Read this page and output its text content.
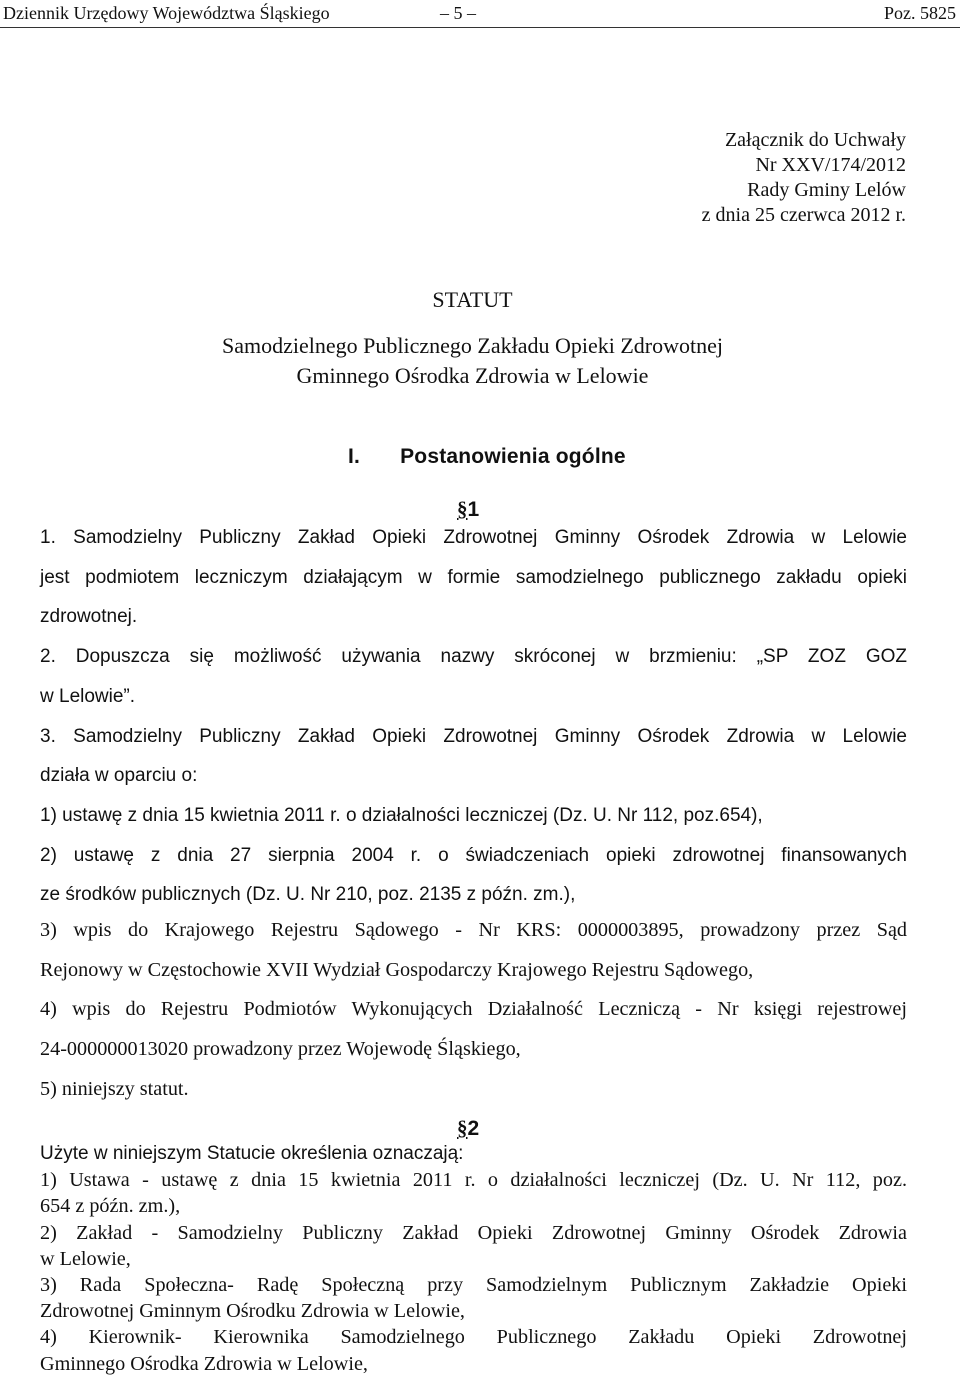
Dziennik Urzędowy Województwa Śląskiego	– 5 –	Poz. 5825
Załącznik do Uchwały
Nr XXV/174/2012
Rady Gminy Lelów
z dnia 25 czerwca 2012 r.
STATUT
Samodzielnego Publicznego Zakładu Opieki Zdrowotnej
Gminnego Ośrodka Zdrowia w Lelowie
I. Postanowienia ogólne
§1
1. Samodzielny Publiczny Zakład Opieki Zdrowotnej Gminny Ośrodek Zdrowia w Lelowie
jest podmiotem leczniczym działającym w formie samodzielnego publicznego zakładu opieki

zdrowotnej.

2. Dopuszcza się możliwość używania nazwy skróconej w brzmieniu: „SP ZOZ GOZ

w Lelowie”.

3. Samodzielny Publiczny Zakład Opieki Zdrowotnej Gminny Ośrodek Zdrowia w Lelowie

działa w oparciu o:

1) ustawę z dnia 15 kwietnia 2011 r. o działalności leczniczej (Dz. U. Nr 112, poz.654),

2) ustawę z dnia 27 sierpnia 2004 r. o świadczeniach opieki zdrowotnej finansowanych

ze środków publicznych (Dz. U. Nr 210, poz. 2135 z późn. zm.),

3) wpis do Krajowego Rejestru Sądowego - Nr KRS: 0000003895, prowadzony przez Sąd

Rejonowy w Częstochowie XVII Wydział Gospodarczy Krajowego Rejestru Sądowego,

4) wpis do Rejestru Podmiotów Wykonujących Działalność Leczniczą - Nr księgi rejestrowej

24-000000013020 prowadzony przez Wojewodę Śląskiego,

5) niniejszy statut.

§2

Użyte w niniejszym Statucie określenia oznaczają:

1) Ustawa - ustawę z dnia 15 kwietnia 2011 r. o działalności leczniczej (Dz. U. Nr 112, poz.

654 z późn. zm.),

2) Zakład - Samodzielny Publiczny Zakład Opieki Zdrowotnej Gminny Ośrodek Zdrowia

w Lelowie,

3) Rada Społeczna- Radę Społeczną przy Samodzielnym Publicznym Zakładzie Opieki

Zdrowotnej Gminnym Ośrodku Zdrowia w Lelowie,

4) Kierownik- Kierownika Samodzielnego Publicznego Zakładu Opieki Zdrowotnej

Gminnego Ośrodka Zdrowia w Lelowie,
